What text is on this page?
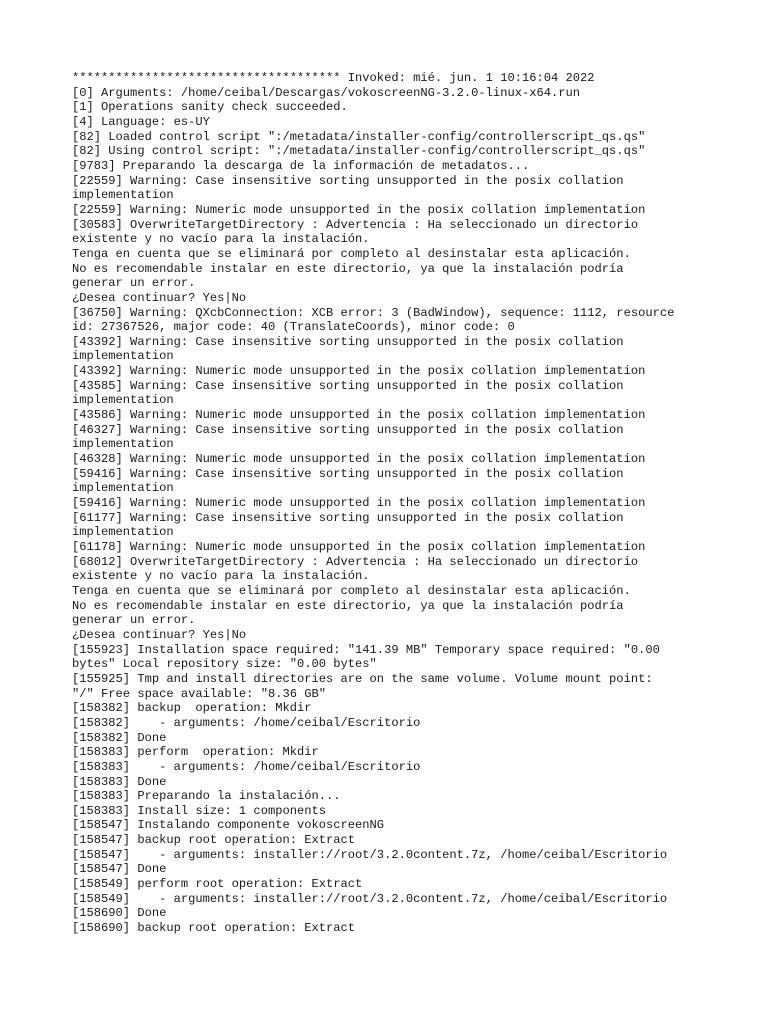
************************************* Invoked: mié. jun. 1 10:16:04 2022
[0] Arguments: /home/ceibal/Descargas/vokoscreenNG-3.2.0-linux-x64.run
[1] Operations sanity check succeeded.
[4] Language: es-UY
[82] Loaded control script ":/metadata/installer-config/controllerscript_qs.qs"
[82] Using control script: ":/metadata/installer-config/controllerscript_qs.qs"
[9783] Preparando la descarga de la información de metadatos...
[22559] Warning: Case insensitive sorting unsupported in the posix collation
implementation
[22559] Warning: Numeric mode unsupported in the posix collation implementation
[30583] OverwriteTargetDirectory : Advertencia : Ha seleccionado un directorio
existente y no vacío para la instalación.
Tenga en cuenta que se eliminará por completo al desinstalar esta aplicación.
No es recomendable instalar en este directorio, ya que la instalación podría
generar un error.
¿Desea continuar? Yes|No
[36750] Warning: QXcbConnection: XCB error: 3 (BadWindow), sequence: 1112, resource
id: 27367526, major code: 40 (TranslateCoords), minor code: 0
[43392] Warning: Case insensitive sorting unsupported in the posix collation
implementation
[43392] Warning: Numeric mode unsupported in the posix collation implementation
[43585] Warning: Case insensitive sorting unsupported in the posix collation
implementation
[43586] Warning: Numeric mode unsupported in the posix collation implementation
[46327] Warning: Case insensitive sorting unsupported in the posix collation
implementation
[46328] Warning: Numeric mode unsupported in the posix collation implementation
[59416] Warning: Case insensitive sorting unsupported in the posix collation
implementation
[59416] Warning: Numeric mode unsupported in the posix collation implementation
[61177] Warning: Case insensitive sorting unsupported in the posix collation
implementation
[61178] Warning: Numeric mode unsupported in the posix collation implementation
[68012] OverwriteTargetDirectory : Advertencia : Ha seleccionado un directorio
existente y no vacío para la instalación.
Tenga en cuenta que se eliminará por completo al desinstalar esta aplicación.
No es recomendable instalar en este directorio, ya que la instalación podría
generar un error.
¿Desea continuar? Yes|No
[155923] Installation space required: "141.39 MB" Temporary space required: "0.00
bytes" Local repository size: "0.00 bytes"
[155925] Tmp and install directories are on the same volume. Volume mount point:
"/" Free space available: "8.36 GB"
[158382] backup  operation: Mkdir
[158382]    - arguments: /home/ceibal/Escritorio
[158382] Done
[158383] perform  operation: Mkdir
[158383]    - arguments: /home/ceibal/Escritorio
[158383] Done
[158383] Preparando la instalación...
[158383] Install size: 1 components
[158547] Instalando componente vokoscreenNG
[158547] backup root operation: Extract
[158547]    - arguments: installer://root/3.2.0content.7z, /home/ceibal/Escritorio
[158547] Done
[158549] perform root operation: Extract
[158549]    - arguments: installer://root/3.2.0content.7z, /home/ceibal/Escritorio
[158690] Done
[158690] backup root operation: Extract
